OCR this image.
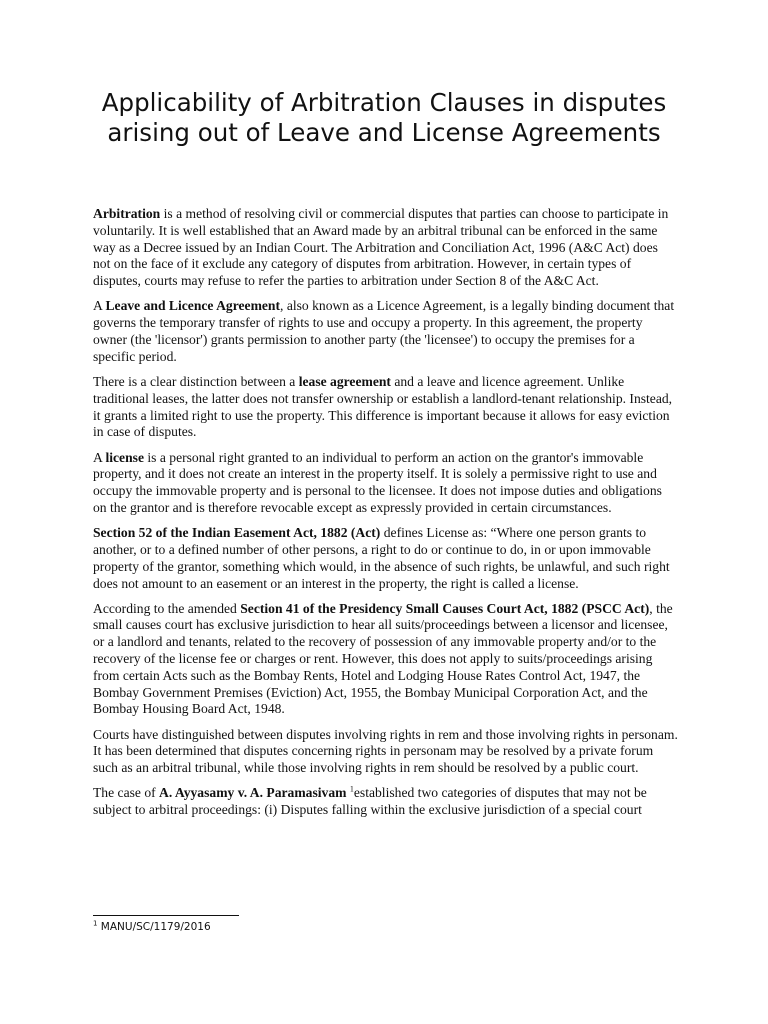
Applicability of Arbitration Clauses in disputes arising out of Leave and License Agreements

Arbitration is a method of resolving civil or commercial disputes that parties can choose to participate in voluntarily. It is well established that an Award made by an arbitral tribunal can be enforced in the same way as a Decree issued by an Indian Court. The Arbitration and Conciliation Act, 1996 (A&C Act) does not on the face of it exclude any category of disputes from arbitration. However, in certain types of disputes, courts may refuse to refer the parties to arbitration under Section 8 of the A&C Act.

A Leave and Licence Agreement, also known as a Licence Agreement, is a legally binding document that governs the temporary transfer of rights to use and occupy a property. In this agreement, the property owner (the 'licensor') grants permission to another party (the 'licensee') to occupy the premises for a specific period.

There is a clear distinction between a lease agreement and a leave and licence agreement. Unlike traditional leases, the latter does not transfer ownership or establish a landlord-tenant relationship. Instead, it grants a limited right to use the property. This difference is important because it allows for easy eviction in case of disputes.

A license is a personal right granted to an individual to perform an action on the grantor's immovable property, and it does not create an interest in the property itself. It is solely a permissive right to use and occupy the immovable property and is personal to the licensee. It does not impose duties and obligations on the grantor and is therefore revocable except as expressly provided in certain circumstances.

Section 52 of the Indian Easement Act, 1882 (Act) defines License as: “Where one person grants to another, or to a defined number of other persons, a right to do or continue to do, in or upon immovable property of the grantor, something which would, in the absence of such rights, be unlawful, and such right does not amount to an easement or an interest in the property, the right is called a license.

According to the amended Section 41 of the Presidency Small Causes Court Act, 1882 (PSCC Act), the small causes court has exclusive jurisdiction to hear all suits/proceedings between a licensor and licensee, or a landlord and tenants, related to the recovery of possession of any immovable property and/or to the recovery of the license fee or charges or rent. However, this does not apply to suits/proceedings arising from certain Acts such as the Bombay Rents, Hotel and Lodging House Rates Control Act, 1947, the Bombay Government Premises (Eviction) Act, 1955, the Bombay Municipal Corporation Act, and the Bombay Housing Board Act, 1948.

Courts have distinguished between disputes involving rights in rem and those involving rights in personam. It has been determined that disputes concerning rights in personam may be resolved by a private forum such as an arbitral tribunal, while those involving rights in rem should be resolved by a public court.

The case of A. Ayyasamy v. A. Paramasivam $^1$established two categories of disputes that may not be subject to arbitral proceedings: (i) Disputes falling within the exclusive jurisdiction of a special court

$^1$ MANU/SC/1179/2016
